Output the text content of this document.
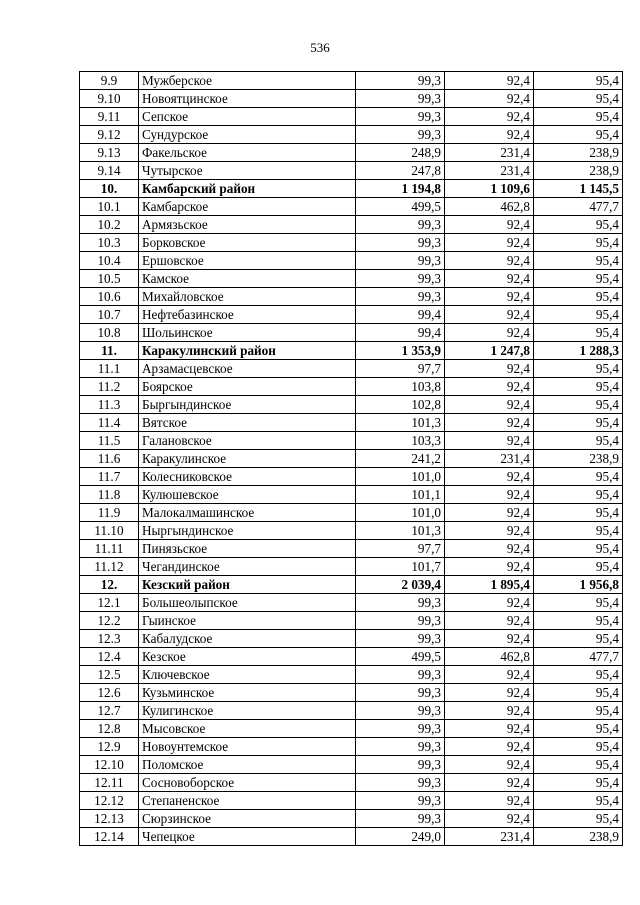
536
9.9	Мужберское	99,3	92,4	95,4
9.10	Новоятцинское	99,3	92,4	95,4
9.11	Сепское	99,3	92,4	95,4
9.12	Сундурское	99,3	92,4	95,4
9.13	Факельское	248,9	231,4	238,9
9.14	Чутырское	247,8	231,4	238,9
10.	Камбарский район	1 194,8	1 109,6	1 145,5
10.1	Камбарское	499,5	462,8	477,7
10.2	Армязьское	99,3	92,4	95,4
10.3	Борковское	99,3	92,4	95,4
10.4	Ершовское	99,3	92,4	95,4
10.5	Камское	99,3	92,4	95,4
10.6	Михайловское	99,3	92,4	95,4
10.7	Нефтебазинское	99,4	92,4	95,4
10.8	Шольинское	99,4	92,4	95,4
11.	Каракулинский район	1 353,9	1 247,8	1 288,3
11.1	Арзамасцевское	97,7	92,4	95,4
11.2	Боярское	103,8	92,4	95,4
11.3	Быргындинское	102,8	92,4	95,4
11.4	Вятское	101,3	92,4	95,4
11.5	Галановское	103,3	92,4	95,4
11.6	Каракулинское	241,2	231,4	238,9
11.7	Колесниковское	101,0	92,4	95,4
11.8	Кулюшевское	101,1	92,4	95,4
11.9	Малокалмашинское	101,0	92,4	95,4
11.10	Ныргындинское	101,3	92,4	95,4
11.11	Пинязьское	97,7	92,4	95,4
11.12	Чегандинское	101,7	92,4	95,4
12.	Кезский район	2 039,4	1 895,4	1 956,8
12.1	Большеолыпское	99,3	92,4	95,4
12.2	Гыинское	99,3	92,4	95,4
12.3	Кабалудское	99,3	92,4	95,4
12.4	Кезское	499,5	462,8	477,7
12.5	Ключевское	99,3	92,4	95,4
12.6	Кузьминское	99,3	92,4	95,4
12.7	Кулигинское	99,3	92,4	95,4
12.8	Мысовское	99,3	92,4	95,4
12.9	Новоунтемское	99,3	92,4	95,4
12.10	Поломское	99,3	92,4	95,4
12.11	Сосновоборское	99,3	92,4	95,4
12.12	Степаненское	99,3	92,4	95,4
12.13	Сюрзинское	99,3	92,4	95,4
12.14	Чепецкое	249,0	231,4	238,9
